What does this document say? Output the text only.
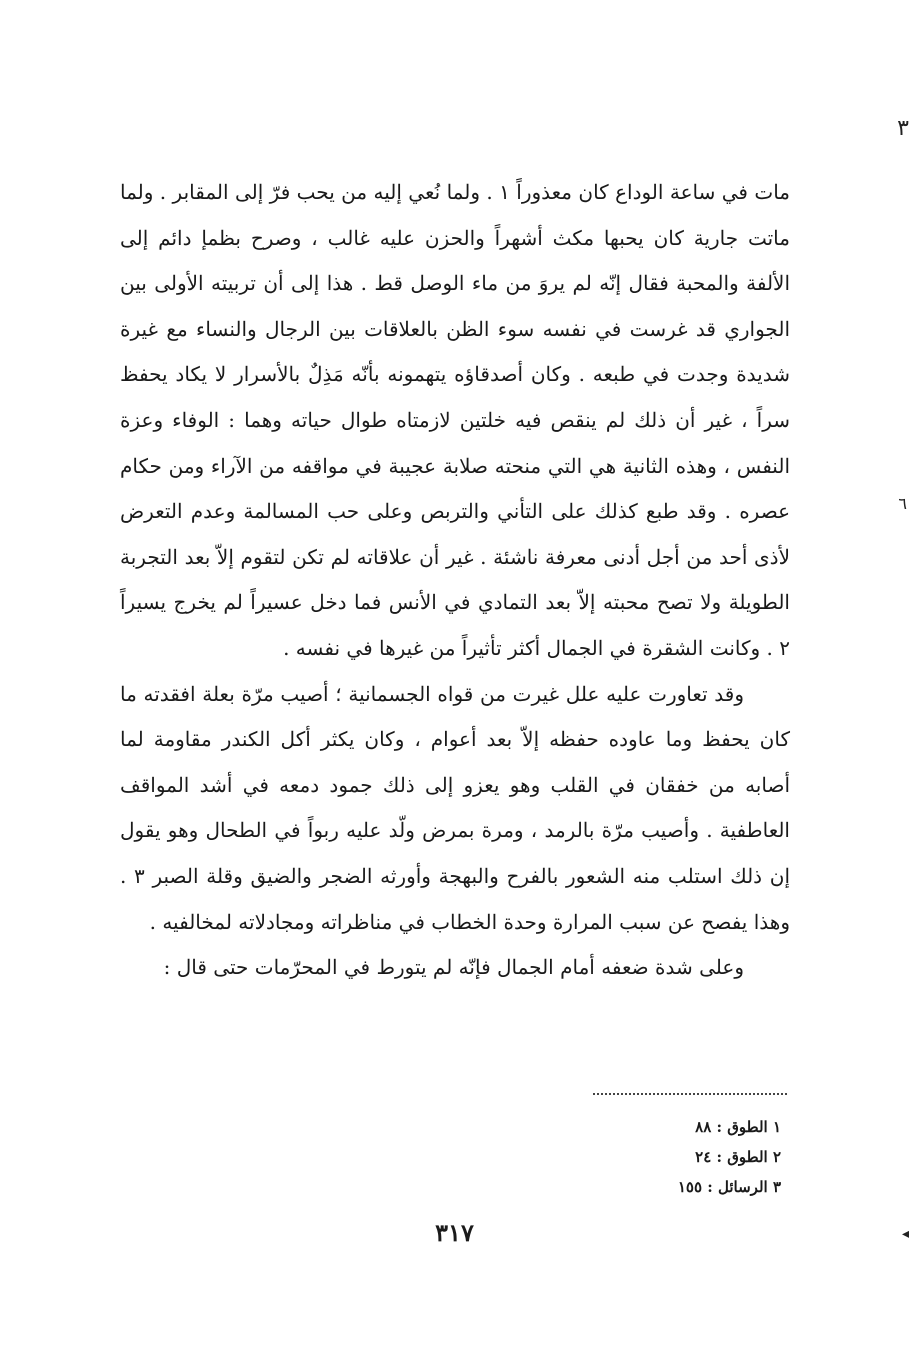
٣
٦
◂

مات في ساعة الوداع كان معذوراً ١ . ولما نُعي إليه من يحب فرّ إلى المقابر . ولما ماتت جارية كان يحبها مكث أشهراً والحزن عليه غالب ، وصرح بظمإ دائم إلى الألفة والمحبة فقال إنّه لم يروَ من ماء الوصل قط . هذا إلى أن تربيته الأولى بين الجواري قد غرست في نفسه سوء الظن بالعلاقات بين الرجال والنساء مع غيرة شديدة وجدت في طبعه . وكان أصدقاؤه يتهمونه بأنّه مَذِلٌ بالأسرار لا يكاد يحفظ سراً ، غير أن ذلك لم ينقص فيه خلتين لازمتاه طوال حياته وهما : الوفاء وعزة النفس ، وهذه الثانية هي التي منحته صلابة عجيبة في مواقفه من الآراء ومن حكام عصره . وقد طبع كذلك على التأني والتربص وعلى حب المسالمة وعدم التعرض لأذى أحد من أجل أدنى معرفة ناشئة . غير أن علاقاته لم تكن لتقوم إلاّ بعد التجربة الطويلة ولا تصح محبته إلاّ بعد التمادي في الأنس فما دخل عسيراً لم يخرج يسيراً ٢ . وكانت الشقرة في الجمال أكثر تأثيراً من غيرها في نفسه .

وقد تعاورت عليه علل غيرت من قواه الجسمانية ؛ أصيب مرّة بعلة افقدته ما كان يحفظ وما عاوده حفظه إلاّ بعد أعوام ، وكان يكثر أكل الكندر مقاومة لما أصابه من خفقان في القلب وهو يعزو إلى ذلك جمود دمعه في أشد المواقف العاطفية . وأصيب مرّة بالرمد ، ومرة بمرض ولّد عليه ربواً في الطحال وهو يقول إن ذلك استلب منه الشعور بالفرح والبهجة وأورثه الضجر والضيق وقلة الصبر ٣ . وهذا يفصح عن سبب المرارة وحدة الخطاب في مناظراته ومجادلاته لمخالفيه .

وعلى شدة ضعفه أمام الجمال فإنّه لم يتورط في المحرّمات حتى قال :

١ الطوق : ٨٨

٢ الطوق : ٢٤

٣ الرسائل : ١٥٥

٣١٧
